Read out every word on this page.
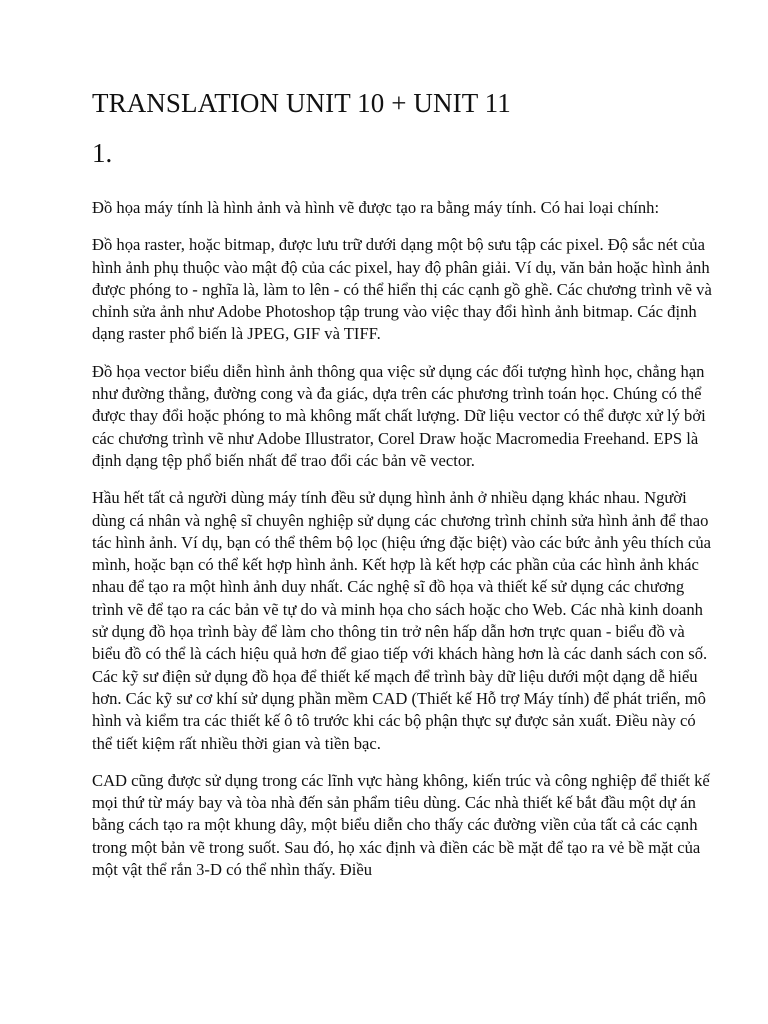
TRANSLATION UNIT 10 + UNIT 11
1.

Đồ họa máy tính là hình ảnh và hình vẽ được tạo ra bằng máy tính. Có hai loại chính:

Đồ họa raster, hoặc bitmap, được lưu trữ dưới dạng một bộ sưu tập các pixel. Độ sắc nét của hình ảnh phụ thuộc vào mật độ của các pixel, hay độ phân giải. Ví dụ, văn bản hoặc hình ảnh được phóng to - nghĩa là, làm to lên - có thể hiển thị các cạnh gồ ghề. Các chương trình vẽ và chỉnh sửa ảnh như Adobe Photoshop tập trung vào việc thay đổi hình ảnh bitmap. Các định dạng raster phổ biến là JPEG, GIF và TIFF.

Đồ họa vector biểu diễn hình ảnh thông qua việc sử dụng các đối tượng hình học, chẳng hạn như đường thẳng, đường cong và đa giác, dựa trên các phương trình toán học. Chúng có thể được thay đổi hoặc phóng to mà không mất chất lượng. Dữ liệu vector có thể được xử lý bởi các chương trình vẽ như Adobe Illustrator, Corel Draw hoặc Macromedia Freehand. EPS là định dạng tệp phổ biến nhất để trao đổi các bản vẽ vector.

Hầu hết tất cả người dùng máy tính đều sử dụng hình ảnh ở nhiều dạng khác nhau. Người dùng cá nhân và nghệ sĩ chuyên nghiệp sử dụng các chương trình chỉnh sửa hình ảnh để thao tác hình ảnh. Ví dụ, bạn có thể thêm bộ lọc (hiệu ứng đặc biệt) vào các bức ảnh yêu thích của mình, hoặc bạn có thể kết hợp hình ảnh. Kết hợp là kết hợp các phần của các hình ảnh khác nhau để tạo ra một hình ảnh duy nhất. Các nghệ sĩ đồ họa và thiết kế sử dụng các chương trình vẽ để tạo ra các bản vẽ tự do và minh họa cho sách hoặc cho Web. Các nhà kinh doanh sử dụng đồ họa trình bày để làm cho thông tin trở nên hấp dẫn hơn trực quan - biểu đồ và biểu đồ có thể là cách hiệu quả hơn để giao tiếp với khách hàng hơn là các danh sách con số. Các kỹ sư điện sử dụng đồ họa để thiết kế mạch để trình bày dữ liệu dưới một dạng dễ hiểu hơn. Các kỹ sư cơ khí sử dụng phần mềm CAD (Thiết kế Hỗ trợ Máy tính) để phát triển, mô hình và kiểm tra các thiết kế ô tô trước khi các bộ phận thực sự được sản xuất. Điều này có thể tiết kiệm rất nhiều thời gian và tiền bạc.

CAD cũng được sử dụng trong các lĩnh vực hàng không, kiến trúc và công nghiệp để thiết kế mọi thứ từ máy bay và tòa nhà đến sản phẩm tiêu dùng. Các nhà thiết kế bắt đầu một dự án bằng cách tạo ra một khung dây, một biểu diễn cho thấy các đường viền của tất cả các cạnh trong một bản vẽ trong suốt. Sau đó, họ xác định và điền các bề mặt để tạo ra vẻ bề mặt của một vật thể rắn 3-D có thể nhìn thấy. Điều
